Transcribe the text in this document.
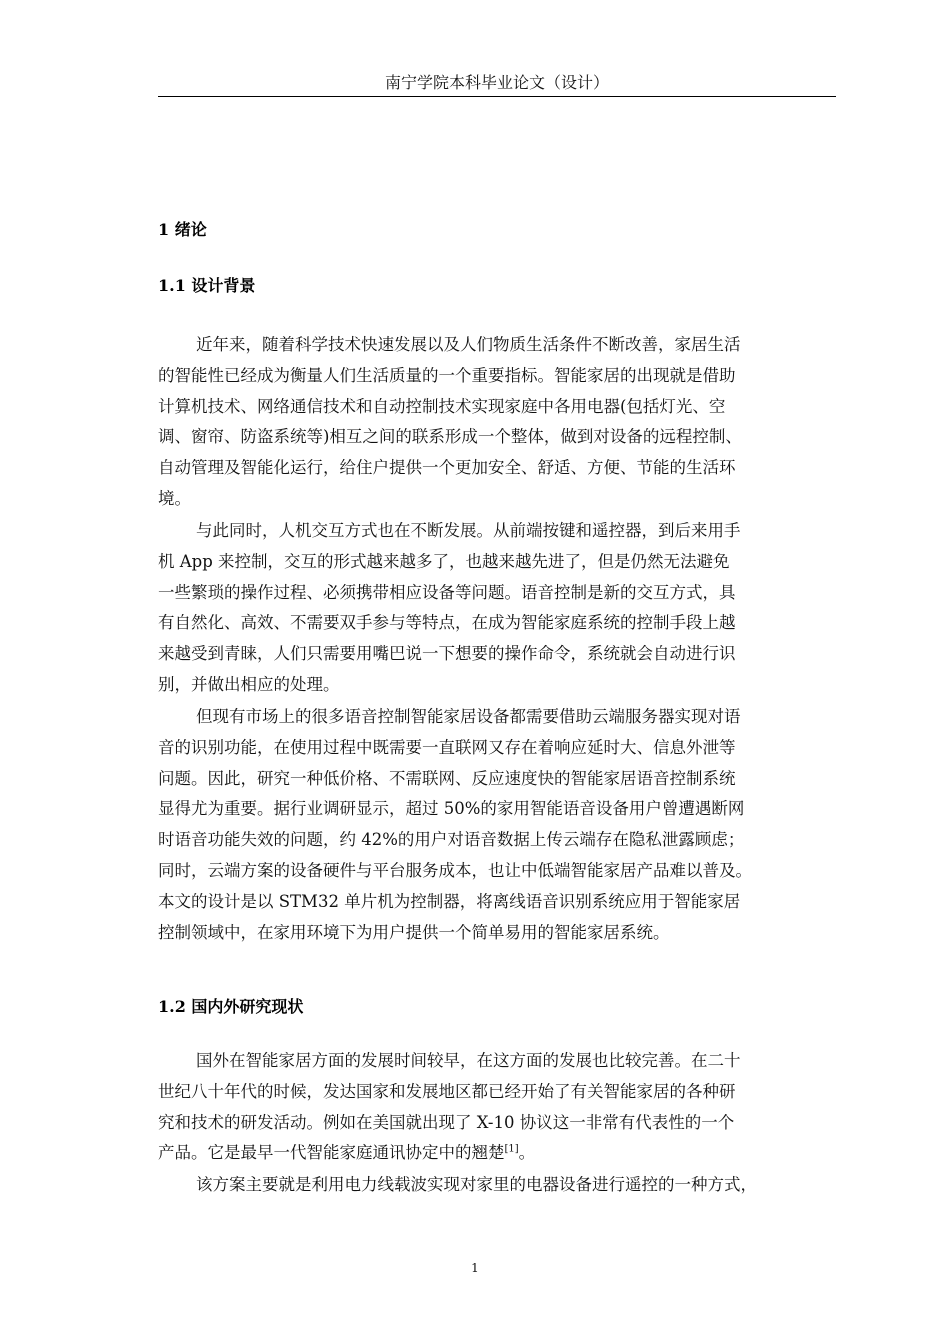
南宁学院本科毕业论文（设计）
1 绪论
1.1 设计背景
近年来，随着科学技术快速发展以及人们物质生活条件不断改善，家居生活
的智能性已经成为衡量人们生活质量的一个重要指标。智能家居的出现就是借助
计算机技术、网络通信技术和自动控制技术实现家庭中各用电器(包括灯光、空
调、窗帘、防盗系统等)相互之间的联系形成一个整体，做到对设备的远程控制、
自动管理及智能化运行，给住户提供一个更加安全、舒适、方便、节能的生活环
境。
与此同时，人机交互方式也在不断发展。从前端按键和遥控器，到后来用手
机 App 来控制，交互的形式越来越多了，也越来越先进了，但是仍然无法避免
一些繁琐的操作过程、必须携带相应设备等问题。语音控制是新的交互方式，具
有自然化、高效、不需要双手参与等特点，在成为智能家庭系统的控制手段上越
来越受到青睐，人们只需要用嘴巴说一下想要的操作命令，系统就会自动进行识
别，并做出相应的处理。
但现有市场上的很多语音控制智能家居设备都需要借助云端服务器实现对语
音的识别功能，在使用过程中既需要一直联网又存在着响应延时大、信息外泄等
问题。因此，研究一种低价格、不需联网、反应速度快的智能家居语音控制系统
显得尤为重要。据行业调研显示，超过 50%的家用智能语音设备用户曾遭遇断网
时语音功能失效的问题，约 42%的用户对语音数据上传云端存在隐私泄露顾虑；
同时，云端方案的设备硬件与平台服务成本，也让中低端智能家居产品难以普及。
本文的设计是以 STM32 单片机为控制器，将离线语音识别系统应用于智能家居
控制领域中，在家用环境下为用户提供一个简单易用的智能家居系统。
1.2 国内外研究现状
国外在智能家居方面的发展时间较早，在这方面的发展也比较完善。在二十
世纪八十年代的时候，发达国家和发展地区都已经开始了有关智能家居的各种研
究和技术的研发活动。例如在美国就出现了 X-10 协议这一非常有代表性的一个
产品。它是最早一代智能家庭通讯协定中的翘楚[1]。
该方案主要就是利用电力线载波实现对家里的电器设备进行遥控的一种方式，
1
